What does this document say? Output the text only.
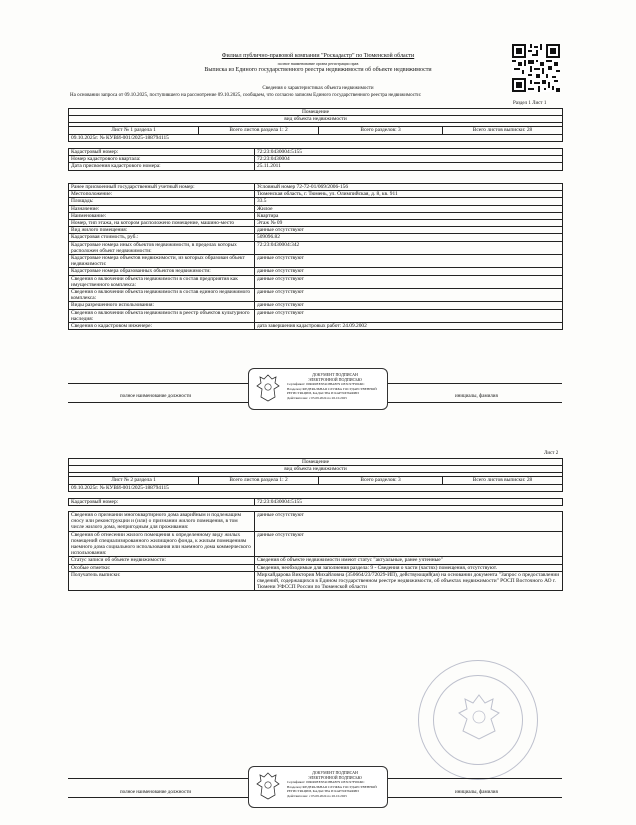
Филиал публично-правовой компании "Роскадастр" по Тюменской области
полное наименование органа регистрации прав
Выписка из Единого государственного реестра недвижимости об объекте недвижимости
Сведения о характеристиках объекта недвижимости
На основании запроса от 09.10.2025, поступившего на рассмотрение 09.10.2025, сообщаем, что согласно записям Единого государственного реестра недвижимости:
Раздел 1 Лист 1
Помещение
вид объекта недвижимости

Лист № 1 раздела 1	Всего листов раздела 1: 2	Всего разделов: 3	Всего листов выписки: 28
09.10.2025г. № КУВИ-001/2025-188794115
Кадастровый номер:	72:23:0430004:5155
Номер кадастрового квартала:	72:23:0430004
Дата присвоения кадастрового номера:	25.11.2011
Ранее присвоенный государственный учетный номер:	Условный номер 72-72-01/069/2006-156
Местоположение:	Тюменская область, г. Тюмень, ул. Олимпийская, д. 8, кв. 911
Площадь:	33.5
Назначение:	Жилое
Наименование:	Квартира
Номер, тип этажа, на котором расположено помещение, машино-место	Этаж № 09
Вид жилого помещения:	данные отсутствуют
Кадастровая стоимость, руб.:	509096.82
Кадастровые номера иных объектов недвижимости, в пределах которых расположен объект недвижимости:	72:23:0430004:342
Кадастровые номера объектов недвижимости, из которых образован объект недвижимости:	данные отсутствуют
Кадастровые номера образованных объектов недвижимости:	данные отсутствуют
Сведения о включении объекта недвижимости в состав предприятия как имущественного комплекса:	данные отсутствуют
Сведения о включении объекта недвижимости в состав единого недвижимого комплекса:	данные отсутствуют
Виды разрешенного использования:	данные отсутствуют
Сведения о включении объекта недвижимости в реестр объектов культурного наследия:	данные отсутствуют
Сведения о кадастровом инженере:	дата завершения кадастровых работ: 24.09.2002
полное наименование должности	инициалы, фамилия
ДОКУМЕНТ ПОДПИСАН
ЭЛЕКТРОННОЙ ПОДПИСЬЮ
Сертификат: 00ФФ9ЕЕ3E4С8ВАВ79 ОЕ3С97F9D49С
Владелец: ФЕДЕРАЛЬНАЯ СЛУЖБА ГОСУДАРСТВЕННОЙ
РЕГИСТРАЦИИ, КАДАСТРА И КАРТОГРАФИИ
Действителен: с 05.09.2024 по 26.10.2025
Лист 2
Помещение
вид объекта недвижимости

Лист № 2 раздела 1	Всего листов раздела 1: 2	Всего разделов: 3	Всего листов выписки: 28
09.10.2025г. № КУВИ-001/2025-188794115
Кадастровый номер:	72:23:0430004:5155
Сведения о признании многоквартирного дома аварийным и подлежащим сносу или реконструкции и (или) о признании жилого помещения, в том числе жилого дома, непригодным для проживания:	данные отсутствуют
Сведения об отнесении жилого помещения к определенному виду жилых помещений специализированного жилищного фонда, к жилым помещениям наемного дома социального использования или наемного дома коммерческого использования:	данные отсутствуют
Статус записи об объекте недвижимости:	Сведения об объекте недвижимости имеют статус "актуальные, ранее учтенные"
Особые отметки:	Сведения, необходимые для заполнения раздела: 9 - Сведения о части (частях) помещения, отсутствуют.
Получатель выписки:	Мирхайдарова Виктория Михайловна (350664/23/72029-ИП), действующий(ая) на основании документа "Запрос о предоставлении сведений, содержащихся в Едином государственном реестре недвижимости, об объектах недвижимости" РОСП Восточного АО г. Тюмени УФССП России по Тюменской области
полное наименование должности	инициалы, фамилия
ДОКУМЕНТ ПОДПИСАН
ЭЛЕКТРОННОЙ ПОДПИСЬЮ
Сертификат: 00ФФ9ЕЕ3E4С8ВАВ79 ОЕ3С97F9D49С
Владелец: ФЕДЕРАЛЬНАЯ СЛУЖБА ГОСУДАРСТВЕННОЙ
РЕГИСТРАЦИИ, КАДАСТРА И КАРТОГРАФИИ
Действителен: с 05.09.2024 по 26.10.2025
